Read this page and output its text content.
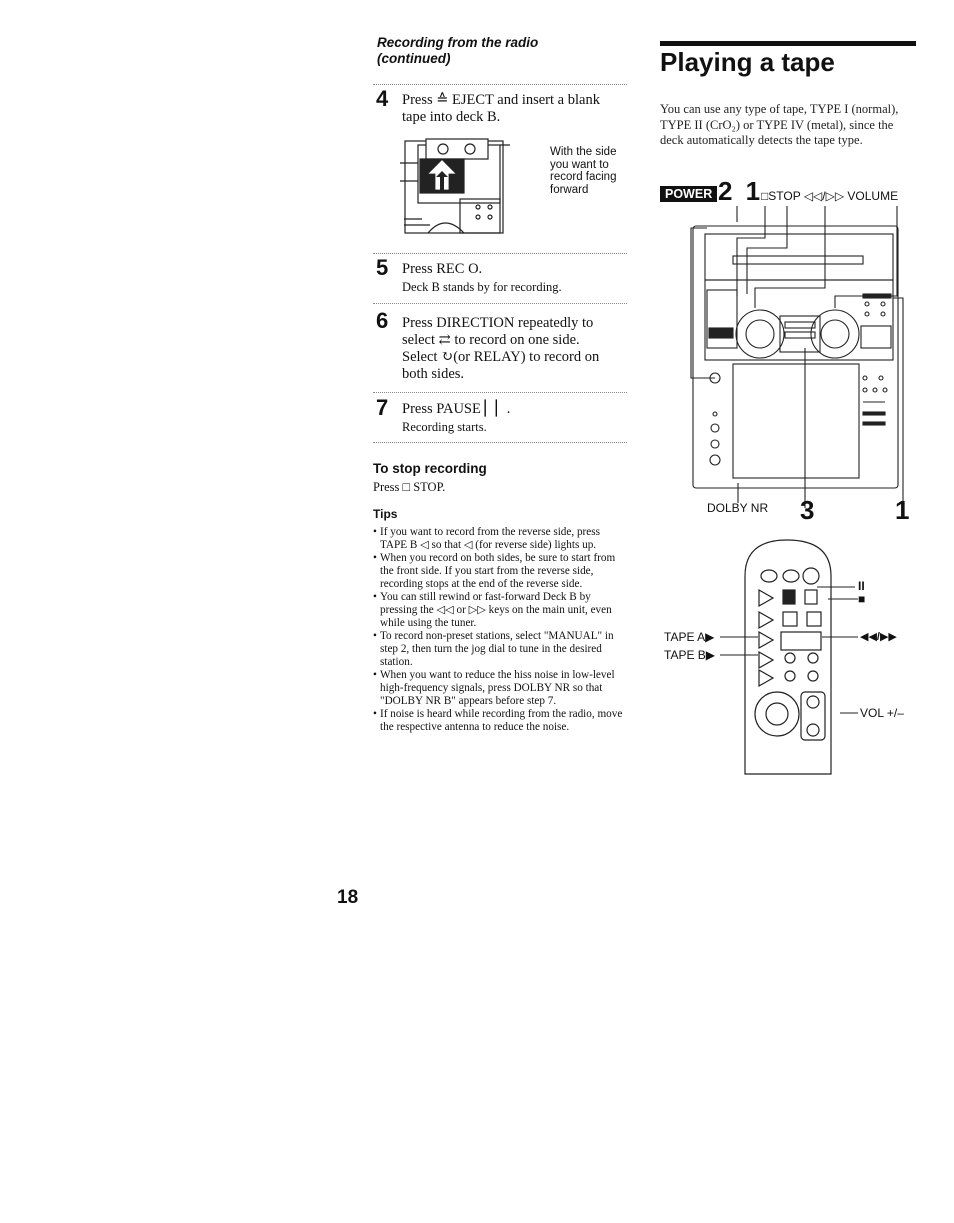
Recording from the radio
(continued)
4 Press ≙ EJECT and insert a blank tape into deck B.
With the side you want to record facing forward
5 Press REC O.
Deck B stands by for recording.
6 Press DIRECTION repeatedly to select ⇄ to record on one side. Select ↻(or RELAY) to record on both sides.
7 Press PAUSE ▏▏.
Recording starts.
To stop recording
Press □ STOP.
Tips
• If you want to record from the reverse side, press TAPE B ◁ so that ◁ (for reverse side) lights up.
• When you record on both sides, be sure to start from the front side. If you start from the reverse side, recording stops at the end of the reverse side.
• You can still rewind or fast-forward Deck B by pressing the ◁◁ or ▷▷ keys on the main unit, even while using the tuner.
• To record non-preset stations, select "MANUAL" in step 2, then turn the jog dial to tune in the desired station.
• When you want to reduce the hiss noise in low-level high-frequency signals, press DOLBY NR so that "DOLBY NR B" appears before step 7.
• If noise is heard while recording from the radio, move the respective antenna to reduce the noise.
Playing a tape
You can use any type of tape, TYPE I (normal), TYPE II (CrO₂) or TYPE IV (metal), since the deck automatically detects the tape type.
POWER 2 1
□STOP ◁◁/▷▷ VOLUME
DOLBY NR 3	1
II
■
TAPE A▶
TAPE B▶
◀◀/▶▶
VOL +/–
18
